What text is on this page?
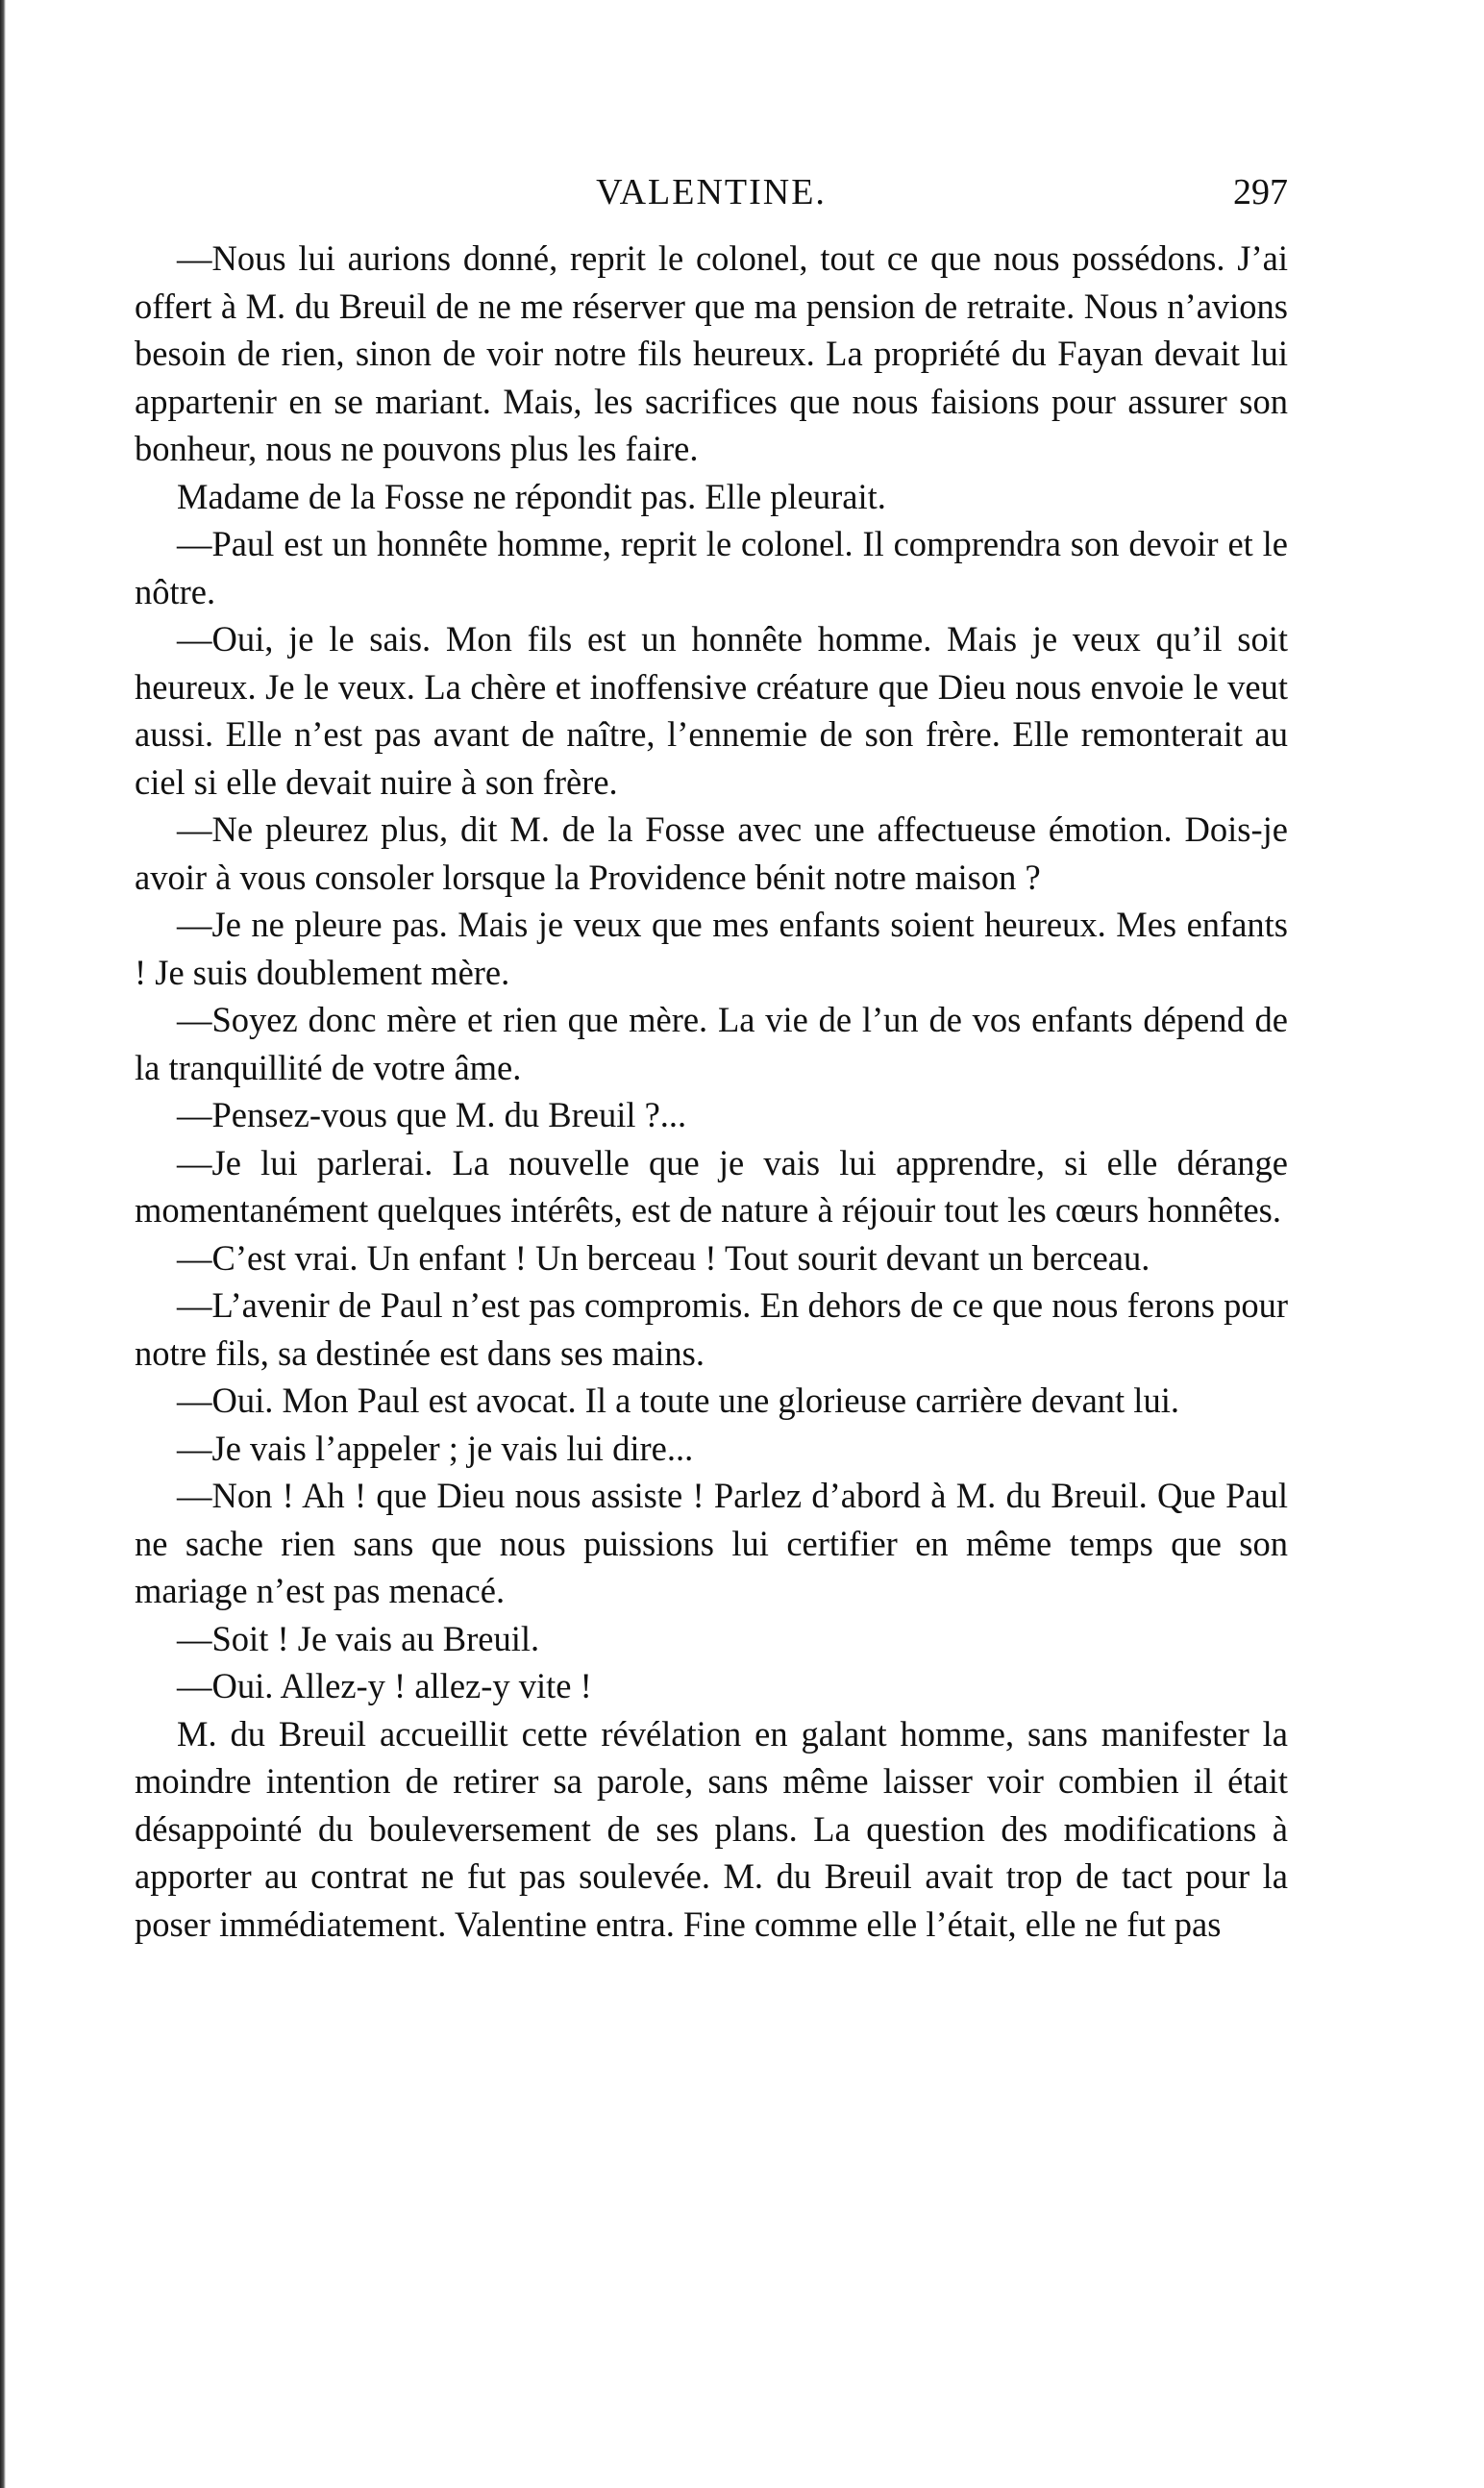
VALENTINE.	297

—Nous lui aurions donné, reprit le colonel, tout ce que nous possédons. J’ai offert à M. du Breuil de ne me réserver que ma pension de retraite. Nous n’avions besoin de rien, sinon de voir notre fils heureux. La propriété du Fayan devait lui appartenir en se mariant. Mais, les sacrifices que nous faisions pour assurer son bonheur, nous ne pouvons plus les faire.

Madame de la Fosse ne répondit pas. Elle pleurait.

—Paul est un honnête homme, reprit le colonel. Il comprendra son devoir et le nôtre.

—Oui, je le sais. Mon fils est un honnête homme. Mais je veux qu’il soit heureux. Je le veux. La chère et inoffensive créature que Dieu nous envoie le veut aussi. Elle n’est pas avant de naître, l’ennemie de son frère. Elle remonterait au ciel si elle devait nuire à son frère.

—Ne pleurez plus, dit M. de la Fosse avec une affectueuse émotion. Dois-je avoir à vous consoler lorsque la Providence bénit notre maison ?

—Je ne pleure pas. Mais je veux que mes enfants soient heureux. Mes enfants ! Je suis doublement mère.

—Soyez donc mère et rien que mère. La vie de l’un de vos enfants dépend de la tranquillité de votre âme.

—Pensez-vous que M. du Breuil ?...

—Je lui parlerai. La nouvelle que je vais lui apprendre, si elle dérange momentanément quelques intérêts, est de nature à réjouir tout les cœurs honnêtes.

—C’est vrai. Un enfant ! Un berceau ! Tout sourit devant un berceau.

—L’avenir de Paul n’est pas compromis. En dehors de ce que nous ferons pour notre fils, sa destinée est dans ses mains.

—Oui. Mon Paul est avocat. Il a toute une glorieuse carrière devant lui.

—Je vais l’appeler ; je vais lui dire...

—Non ! Ah ! que Dieu nous assiste ! Parlez d’abord à M. du Breuil. Que Paul ne sache rien sans que nous puissions lui certifier en même temps que son mariage n’est pas menacé.

—Soit ! Je vais au Breuil.

—Oui. Allez-y ! allez-y vite !

M. du Breuil accueillit cette révélation en galant homme, sans manifester la moindre intention de retirer sa parole, sans même laisser voir combien il était désappointé du bouleversement de ses plans. La question des modifications à apporter au contrat ne fut pas soulevée. M. du Breuil avait trop de tact pour la poser immédiatement. Valentine entra. Fine comme elle l’était, elle ne fut pas
